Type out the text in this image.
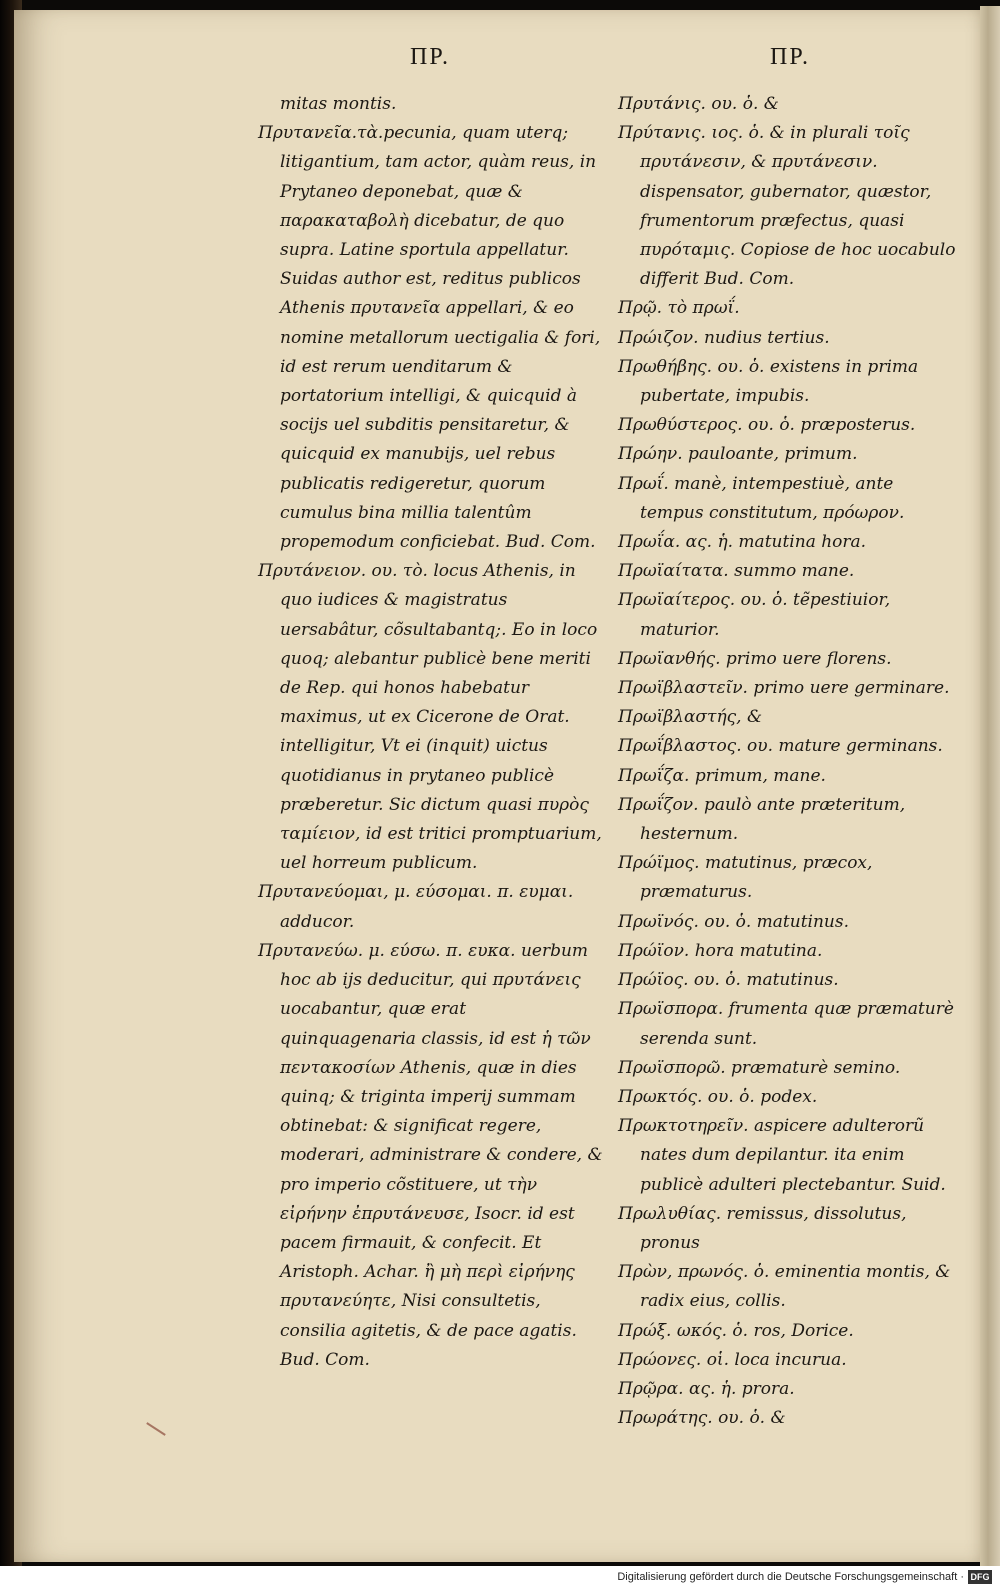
ΠΡ.	ΠΡ.

mitas montis.

Πρυτανεῖα.τὰ.pecunia, quam uterq; litigantium, tam actor, quàm reus, in Prytaneo deponebat, quæ & παρακαταβολὴ dicebatur, de quo supra. Latine sportula appellatur. Suidas author est, reditus publicos Athenis πρυτανεῖα appellari, & eo nomine metallorum uectigalia & fori, id est rerum uenditarum & portatorium intelligi, & quicquid à socijs uel subditis pensitaretur, & quicquid ex manubijs, uel rebus publicatis redigeretur, quorum cumulus bina millia talentûm propemodum conficiebat. Bud. Com.

Πρυτάνειον. ου. τὸ. locus Athenis, in quo iudices & magistratus uersabâtur, cõsultabantq;. Eo in loco quoq; alebantur publicè bene meriti de Rep. qui honos habebatur maximus, ut ex Cicerone de Orat. intelligitur, Vt ei (inquit) uictus quotidianus in prytaneo publicè præberetur. Sic dictum quasi πυρὸς ταμίειον, id est tritici promptuarium, uel horreum publicum.

Πρυτανεύομαι, μ. εύσομαι. π. ευμαι. adducor.

Πρυτανεύω. μ. εύσω. π. ευκα. uerbum hoc ab ijs deducitur, qui πρυτάνεις uocabantur, quæ erat quinquagenaria classis, id est ἡ τῶν πεντακοσίων Athenis, quæ in dies quinq; & triginta imperij summam obtinebat: & significat regere, moderari, administrare & condere, & pro imperio cõstituere, ut τὴν εἰρήνην ἐπρυτάνευσε, Isocr. id est pacem firmauit, & confecit. Et Aristoph. Achar. ἢ μὴ περὶ εἰρήνης πρυτανεύητε, Nisi consultetis, consilia agitetis, & de pace agatis. Bud. Com.

Πρυτάνις. ου. ὁ. &

Πρύτανις. ιος. ὁ. & in plurali τοῖς πρυτάνεσιν, & πρυτάνεσιν. dispensator, gubernator, quæstor, frumentorum præfectus, quasi πυρόταμις. Copiose de hoc uocabulo differit Bud. Com.

Πρῷ. τὸ πρωΐ.

Πρώιζον. nudius tertius.

Πρωθήβης. ου. ὁ. existens in prima pubertate, impubis.

Πρωθύστερος. ου. ὁ. præposterus.

Πρώην. pauloante, primum.

Πρωΐ. manè, intempestiuè, ante tempus constitutum, πρόωρον.

Πρωΐα. ας. ἡ. matutina hora.

Πρωϊαίτατα. summo mane.

Πρωϊαίτερος. ου. ὁ. tẽpestiuior, maturior.

Πρωϊανθής. primo uere florens.

Πρωϊβλαστεῖν. primo uere germinare.

Πρωϊβλαστής, &

Πρωΐβλαστος. ου. mature germinans.

Πρωΐζα. primum, mane.

Πρωΐζον. paulò ante præteritum, hesternum.

Πρώϊμος. matutinus, præcox, præmaturus.

Πρωϊνός. ου. ὁ. matutinus.

Πρώϊον. hora matutina.

Πρώϊος. ου. ὁ. matutinus.

Πρωϊσπορα. frumenta quæ præmaturè serenda sunt.

Πρωϊσπορῶ. præmaturè semino.

Πρωκτός. ου. ὁ. podex.

Πρωκτοτηρεῖν. aspicere adulterorũ nates dum depilantur. ita enim publicè adulteri plectebantur. Suid.

Πρωλυθίας. remissus, dissolutus, pronus

Πρὼν, πρωνός. ὁ. eminentia montis, & radix eius, collis.

Πρώξ. ωκός. ὁ. ros, Dorice.

Πρώονες. οἱ. loca incurua.

Πρῷρα. ας. ἡ. prora.

Πρωράτης. ου. ὁ. &

Digitalisierung gefördert durch die Deutsche Forschungsgemeinschaft · DFG
